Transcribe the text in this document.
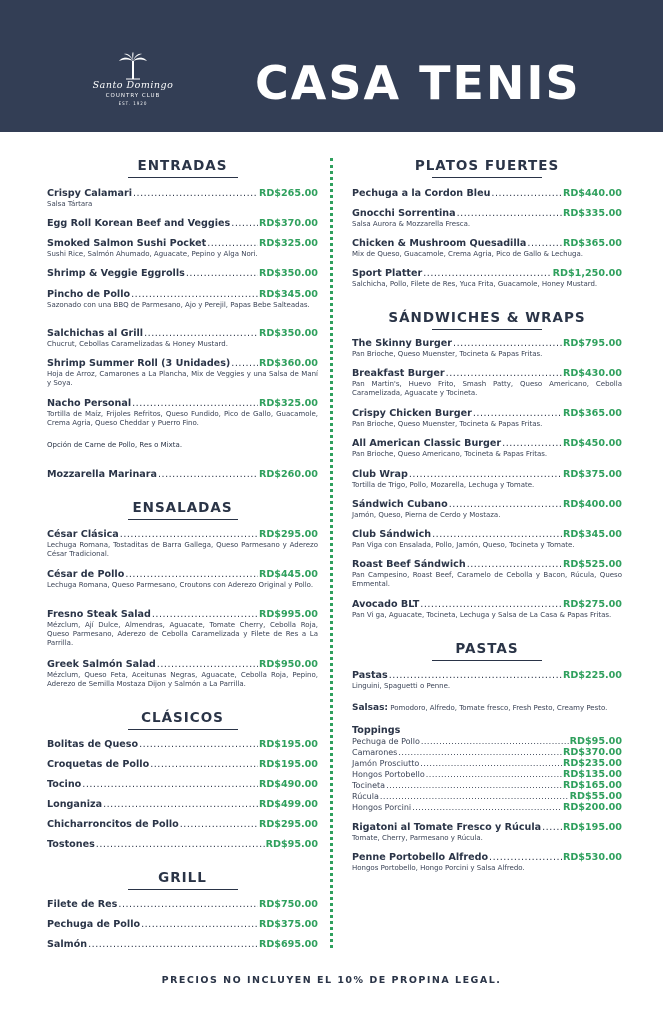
Santo Domingo
COUNTRY CLUB
EST. 1920	CASA TENIS
ENTRADAS
Crispy Calamari .....	RD$265.00
Salsa Tártara
Egg Roll Korean Beef and Veggies .....	RD$370.00
Smoked Salmon Sushi Pocket .....	RD$325.00
Sushi Rice, Salmón Ahumado, Aguacate, Pepino y Alga Nori.
Shrimp & Veggie Eggrolls .....	RD$350.00
Pincho de Pollo .....	RD$345.00
Sazonado con una BBQ de Parmesano, Ajo y Perejil, Papas Bebe Salteadas.
Salchichas al Grill .....	RD$350.00
Chucrut, Cebollas Caramelizadas & Honey Mustard.
Shrimp Summer Roll (3 Unidades) .....	RD$360.00
Hoja de Arroz, Camarones a La Plancha, Mix de Veggies y una Salsa de Maní y Soya.
Nacho Personal .....	RD$325.00
Tortilla de Maíz, Frijoles Refritos, Queso Fundido, Pico de Gallo, Guacamole, Crema Agria, Queso Cheddar y Puerro Fino.
Opción de Carne de Pollo, Res o Mixta.
Mozzarella Marinara .....	RD$260.00
ENSALADAS
César Clásica .....	RD$295.00
Lechuga Romana, Tostaditas de Barra Gallega, Queso Parmesano y Aderezo César Tradicional.
César de Pollo .....	RD$445.00
Lechuga Romana, Queso Parmesano, Croutons con Aderezo Original y Pollo.
Fresno Steak Salad .....	RD$995.00
Mézclum, Ají Dulce, Almendras, Aguacate, Tomate Cherry, Cebolla Roja, Queso Parmesano, Aderezo de Cebolla Caramelizada y Filete de Res a La Parrilla.
Greek Salmón Salad .....	RD$950.00
Mézclum, Queso Feta, Aceitunas Negras, Aguacate, Cebolla Roja, Pepino, Aderezo de Semilla Mostaza Dijon y Salmón a La Parrilla.
CLÁSICOS
Bolitas de Queso .....	RD$195.00
Croquetas de Pollo .....	RD$195.00
Tocino .....	RD$490.00
Longaniza .....	RD$499.00
Chicharroncitos de Pollo .....	RD$295.00
Tostones .....	RD$95.00
GRILL
Filete de Res .....	RD$750.00
Pechuga de Pollo .....	RD$375.00
Salmón .....	RD$695.00
PLATOS FUERTES
Pechuga a la Cordon Bleu .....	RD$440.00
Gnocchi Sorrentina .....	RD$335.00
Salsa Aurora & Mozzarella Fresca.
Chicken & Mushroom Quesadilla .....	RD$365.00
Mix de Queso, Guacamole, Crema Agria, Pico de Gallo & Lechuga.
Sport Platter .....	RD$1,250.00
Salchicha, Pollo, Filete de Res, Yuca Frita, Guacamole, Honey Mustard.
SÁNDWICHES & WRAPS
The Skinny Burger .....	RD$795.00
Pan Brioche, Queso Muenster, Tocineta & Papas Fritas.
Breakfast Burger .....	RD$430.00
Pan Martin's, Huevo Frito, Smash Patty, Queso Americano, Cebolla Caramelizada, Aguacate y Tocineta.
Crispy Chicken Burger .....	RD$365.00
Pan Brioche, Queso Muenster, Tocineta & Papas Fritas.
All American Classic Burger .....	RD$450.00
Pan Brioche, Queso Americano, Tocineta & Papas Fritas.
Club Wrap .....	RD$375.00
Tortilla de Trigo, Pollo, Mozarella, Lechuga y Tomate.
Sándwich Cubano .....	RD$400.00
Jamón, Queso, Pierna de Cerdo y Mostaza.
Club Sándwich .....	RD$345.00
Pan Viga con Ensalada, Pollo, Jamón, Queso, Tocineta y Tomate.
Roast Beef Sándwich .....	RD$525.00
Pan Campesino, Roast Beef, Caramelo de Cebolla y Bacon, Rúcula, Queso Emmental.
Avocado BLT .....	RD$275.00
Pan Vi ga, Aguacate, Tocineta, Lechuga y Salsa de La Casa & Papas Fritas.
PASTAS
Pastas .....	RD$225.00
Linguini, Spaguetti o Penne.
Salsas: Pomodoro, Alfredo, Tomate fresco, Fresh Pesto, Creamy Pesto.
Toppings
Pechuga de Pollo .....	RD$95.00
Camarones .....	RD$370.00
Jamón Prosciutto .....	RD$235.00
Hongos Portobello .....	RD$135.00
Tocineta .....	RD$165.00
Rúcula .....	RD$55.00
Hongos Porcini .....	RD$200.00
Rigatoni al Tomate Fresco y Rúcula ..... RD$195.00
Tomate, Cherry, Parmesano y Rúcula.
Penne Portobello Alfredo .....	RD$530.00
Hongos Portobello, Hongo Porcini y Salsa Alfredo.
PRECIOS NO INCLUYEN EL 10% DE PROPINA LEGAL.
